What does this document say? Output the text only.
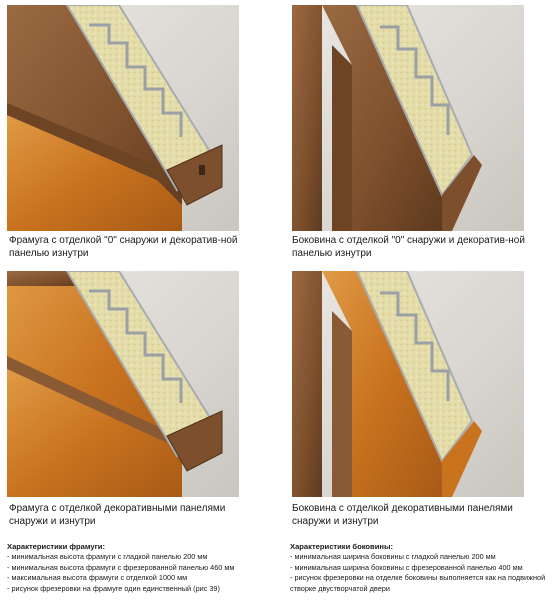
Фрамуга с отделкой "0" снаружи и декоратив-ной панелью изнутри
Боковина с отделкой "0" снаружи и декоратив-ной панелью изнутри
Фрамуга с отделкой декоративными панелями снаружи и изнутри
Боковина с отделкой декоративными панелями снаружи и изнутри
Характеристики фрамуги:
- минимальная высота фрамуги с гладкой панелью 200 мм
- минимальная высота фрамуги с фрезерованной панелью 460 мм
- максимальная высота фрамуги с отделкой 1000 мм
- рисунок фрезеровки на фрамуге один единственный (рис 39)
Характеристики боковины:
- минимальная ширина боковины с гладкой панелью 200 мм
- минимальная ширина боковины с фрезерованной панелью 400 мм
- рисунок фрезеровки на отделке боковины выполняется как на подвижной створке двустворчатой двери
